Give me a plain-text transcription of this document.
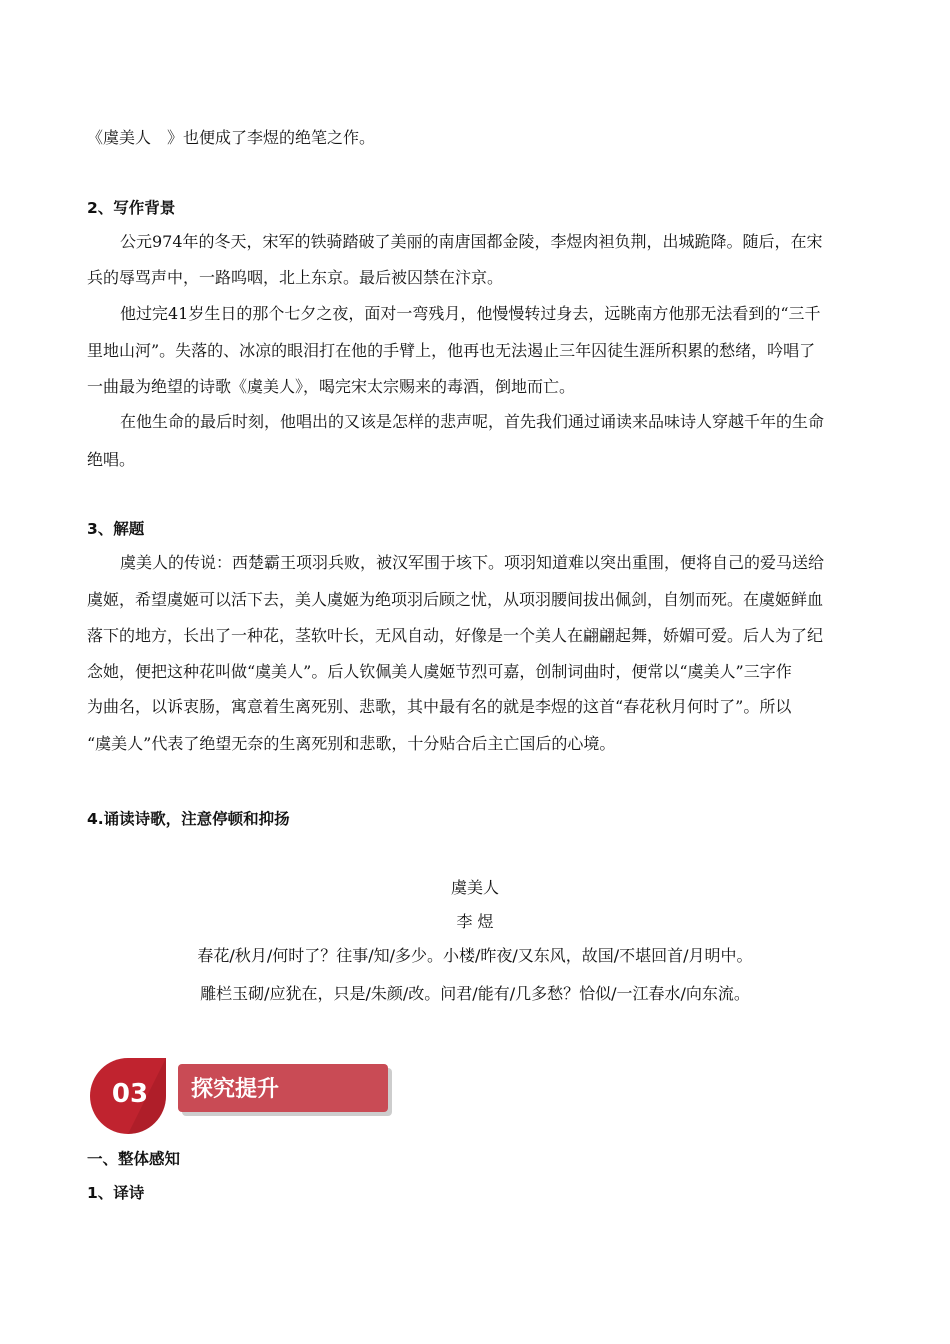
《虞美人　》也便成了李煜的绝笔之作。
2、写作背景
公元974年的冬天，宋军的铁骑踏破了美丽的南唐国都金陵，李煜肉袒负荆，出城跪降。随后，在宋
兵的辱骂声中，一路呜咽，北上东京。最后被囚禁在汴京。
他过完41岁生日的那个七夕之夜，面对一弯残月，他慢慢转过身去，远眺南方他那无法看到的“三千
里地山河”。失落的、冰凉的眼泪打在他的手臂上，他再也无法遏止三年囚徒生涯所积累的愁绪，吟唱了
一曲最为绝望的诗歌《虞美人》，喝完宋太宗赐来的毒酒，倒地而亡。
在他生命的最后时刻，他唱出的又该是怎样的悲声呢，首先我们通过诵读来品味诗人穿越千年的生命
绝唱。
3、解题
虞美人的传说：西楚霸王项羽兵败，被汉军围于垓下。项羽知道难以突出重围，便将自己的爱马送给
虞姬，希望虞姬可以活下去，美人虞姬为绝项羽后顾之忧，从项羽腰间拔出佩剑，自刎而死。在虞姬鲜血
落下的地方，长出了一种花，茎软叶长，无风自动，好像是一个美人在翩翩起舞，娇媚可爱。后人为了纪
念她，便把这种花叫做“虞美人”。后人钦佩美人虞姬节烈可嘉，创制词曲时，便常以“虞美人”三字作
为曲名，以诉衷肠，寓意着生离死别、悲歌，其中最有名的就是李煜的这首“春花秋月何时了”。所以
“虞美人”代表了绝望无奈的生离死别和悲歌，十分贴合后主亡国后的心境。
4.诵读诗歌，注意停顿和抑扬
虞美人
李 煜
春花/秋月/何时了？往事/知/多少。小楼/昨夜/又东风，故国/不堪回首/月明中。
雕栏玉砌/应犹在，只是/朱颜/改。问君/能有/几多愁？恰似/一江春水/向东流。
03 探究提升
一、整体感知
1、译诗
